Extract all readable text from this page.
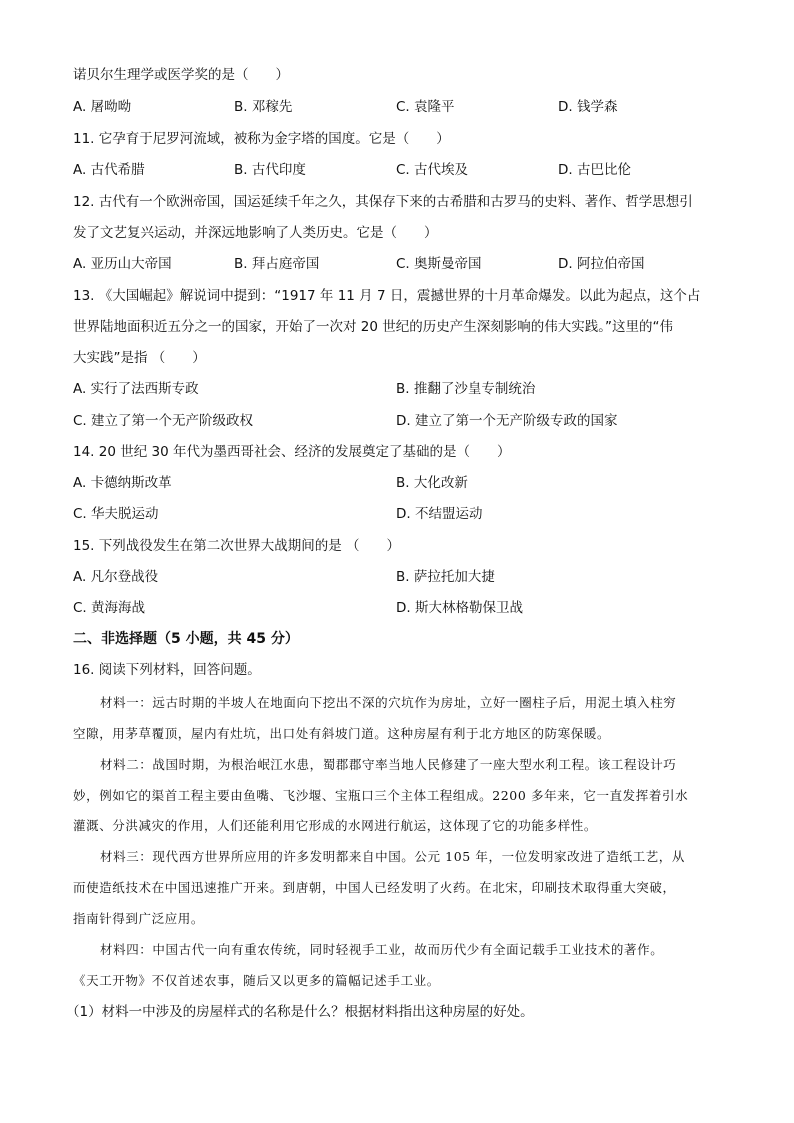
诺贝尔生理学或医学奖的是（　　）
A. 屠呦呦	B. 邓稼先	C. 袁隆平	D. 钱学森
11. 它孕育于尼罗河流域，被称为金字塔的国度。它是（　　）
A. 古代希腊	B. 古代印度	C. 古代埃及	D. 古巴比伦
12. 古代有一个欧洲帝国，国运延续千年之久，其保存下来的古希腊和古罗马的史料、著作、哲学思想引
发了文艺复兴运动，并深远地影响了人类历史。它是（　　）
A. 亚历山大帝国	B. 拜占庭帝国	C. 奥斯曼帝国	D. 阿拉伯帝国
13. 《大国崛起》解说词中提到：“1917 年 11 月 7 日，震撼世界的十月革命爆发。以此为起点，这个占
世界陆地面积近五分之一的国家，开始了一次对 20 世纪的历史产生深刻影响的伟大实践。”这里的“伟
大实践”是指 （　　）
A. 实行了法西斯专政	B. 推翻了沙皇专制统治
C. 建立了第一个无产阶级政权	D. 建立了第一个无产阶级专政的国家
14. 20 世纪 30 年代为墨西哥社会、经济的发展奠定了基础的是（　　）
A. 卡德纳斯改革	B. 大化改新
C. 华夫脱运动	D. 不结盟运动
15. 下列战役发生在第二次世界大战期间的是 （　　）
A. 凡尔登战役	B. 萨拉托加大捷
C. 黄海海战	D. 斯大林格勒保卫战
二、非选择题（5 小题，共 45 分）
16. 阅读下列材料，回答问题。
材料一：远古时期的半坡人在地面向下挖出不深的穴坑作为房址，立好一圈柱子后，用泥土填入柱穷
空隙，用茅草覆顶，屋内有灶坑，出口处有斜坡门道。这种房屋有利于北方地区的防寒保暖。
材料二：战国时期，为根治岷江水患，蜀郡郡守率当地人民修建了一座大型水利工程。该工程设计巧
妙，例如它的渠首工程主要由鱼嘴、飞沙堰、宝瓶口三个主体工程组成。2200 多年来，它一直发挥着引水
灌溉、分洪减灾的作用，人们还能利用它形成的水网进行航运，这体现了它的功能多样性。
材料三：现代西方世界所应用的许多发明都来自中国。公元 105 年，一位发明家改进了造纸工艺，从
而使造纸技术在中国迅速推广开来。到唐朝，中国人已经发明了火药。在北宋，印刷技术取得重大突破，
指南针得到广泛应用。
材料四：中国古代一向有重农传统，同时轻视手工业，故而历代少有全面记载手工业技术的著作。
《天工开物》不仅首述农事，随后又以更多的篇幅记述手工业。
（1）材料一中涉及的房屋样式的名称是什么？根据材料指出这种房屋的好处。
